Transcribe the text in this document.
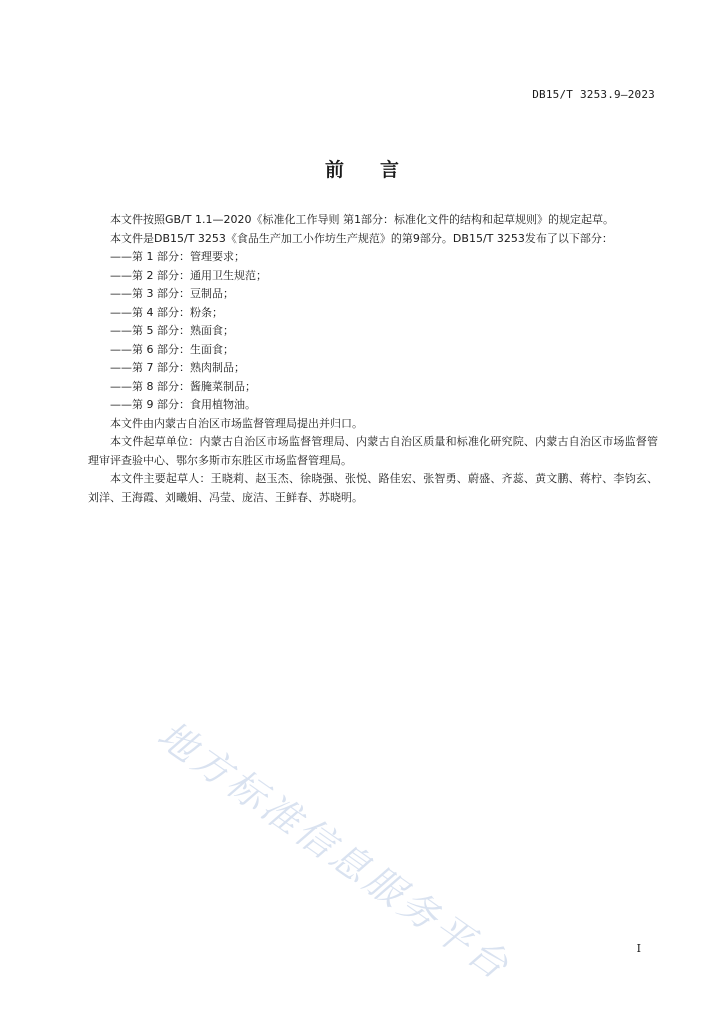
DB15/T 3253.9—2023
前言

本文件按照GB/T 1.1—2020《标准化工作导则 第1部分：标准化文件的结构和起草规则》的规定起草。

本文件是DB15/T 3253《食品生产加工小作坊生产规范》的第9部分。DB15/T 3253发布了以下部分：

——第 1 部分：管理要求；

——第 2 部分：通用卫生规范；

——第 3 部分：豆制品；

——第 4 部分：粉条；

——第 5 部分：熟面食；

——第 6 部分：生面食；

——第 7 部分：熟肉制品；

——第 8 部分：酱腌菜制品；

——第 9 部分：食用植物油。

本文件由内蒙古自治区市场监督管理局提出并归口。

本文件起草单位：内蒙古自治区市场监督管理局、内蒙古自治区质量和标准化研究院、内蒙古自治区市场监督管理审评查验中心、鄂尔多斯市东胜区市场监督管理局。

本文件主要起草人：王晓莉、赵玉杰、徐晓强、张悦、路佳宏、张智勇、蔚盛、齐蕊、黄文鹏、蒋柠、李钧玄、刘洋、王海霞、刘曦娟、冯莹、庞洁、王鲜春、苏晓明。

地方标准信息服务平台	I
